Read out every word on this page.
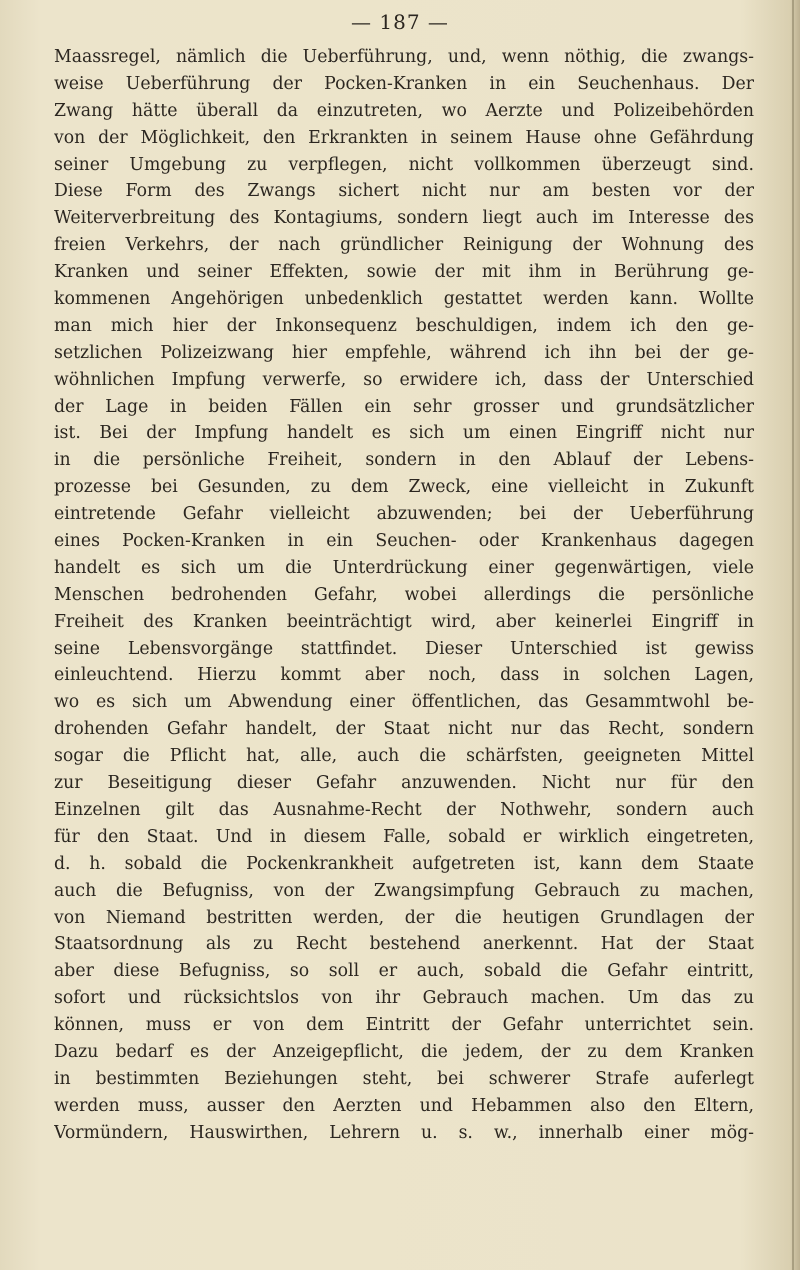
— 187 —
Maassregel, nämlich die Ueberführung, und, wenn nöthig, die zwangs-
weise Ueberführung der Pocken-Kranken in ein Seuchenhaus. Der
Zwang hätte überall da einzutreten, wo Aerzte und Polizeibehörden
von der Möglichkeit, den Erkrankten in seinem Hause ohne Gefährdung
seiner Umgebung zu verpflegen, nicht vollkommen überzeugt sind.
Diese Form des Zwangs sichert nicht nur am besten vor der
Weiterverbreitung des Kontagiums, sondern liegt auch im Interesse des
freien Verkehrs, der nach gründlicher Reinigung der Wohnung des
Kranken und seiner Effekten, sowie der mit ihm in Berührung ge-
kommenen Angehörigen unbedenklich gestattet werden kann. Wollte
man mich hier der Inkonsequenz beschuldigen, indem ich den ge-
setzlichen Polizeizwang hier empfehle, während ich ihn bei der ge-
wöhnlichen Impfung verwerfe, so erwidere ich, dass der Unterschied
der Lage in beiden Fällen ein sehr grosser und grundsätzlicher
ist. Bei der Impfung handelt es sich um einen Eingriff nicht nur
in die persönliche Freiheit, sondern in den Ablauf der Lebens-
prozesse bei Gesunden, zu dem Zweck, eine vielleicht in Zukunft
eintretende Gefahr vielleicht abzuwenden; bei der Ueberführung
eines Pocken-Kranken in ein Seuchen- oder Krankenhaus dagegen
handelt es sich um die Unterdrückung einer gegenwärtigen, viele
Menschen bedrohenden Gefahr, wobei allerdings die persönliche
Freiheit des Kranken beeinträchtigt wird, aber keinerlei Eingriff in
seine Lebensvorgänge stattfindet. Dieser Unterschied ist gewiss
einleuchtend. Hierzu kommt aber noch, dass in solchen Lagen,
wo es sich um Abwendung einer öffentlichen, das Gesammtwohl be-
drohenden Gefahr handelt, der Staat nicht nur das Recht, sondern
sogar die Pflicht hat, alle, auch die schärfsten, geeigneten Mittel
zur Beseitigung dieser Gefahr anzuwenden. Nicht nur für den
Einzelnen gilt das Ausnahme-Recht der Nothwehr, sondern auch
für den Staat. Und in diesem Falle, sobald er wirklich eingetreten,
d. h. sobald die Pockenkrankheit aufgetreten ist, kann dem Staate
auch die Befugniss, von der Zwangsimpfung Gebrauch zu machen,
von Niemand bestritten werden, der die heutigen Grundlagen der
Staatsordnung als zu Recht bestehend anerkennt. Hat der Staat
aber diese Befugniss, so soll er auch, sobald die Gefahr eintritt,
sofort und rücksichtslos von ihr Gebrauch machen. Um das zu
können, muss er von dem Eintritt der Gefahr unterrichtet sein.
Dazu bedarf es der Anzeigepflicht, die jedem, der zu dem Kranken
in bestimmten Beziehungen steht, bei schwerer Strafe auferlegt
werden muss, ausser den Aerzten und Hebammen also den Eltern,
Vormündern, Hauswirthen, Lehrern u. s. w., innerhalb einer mög-
